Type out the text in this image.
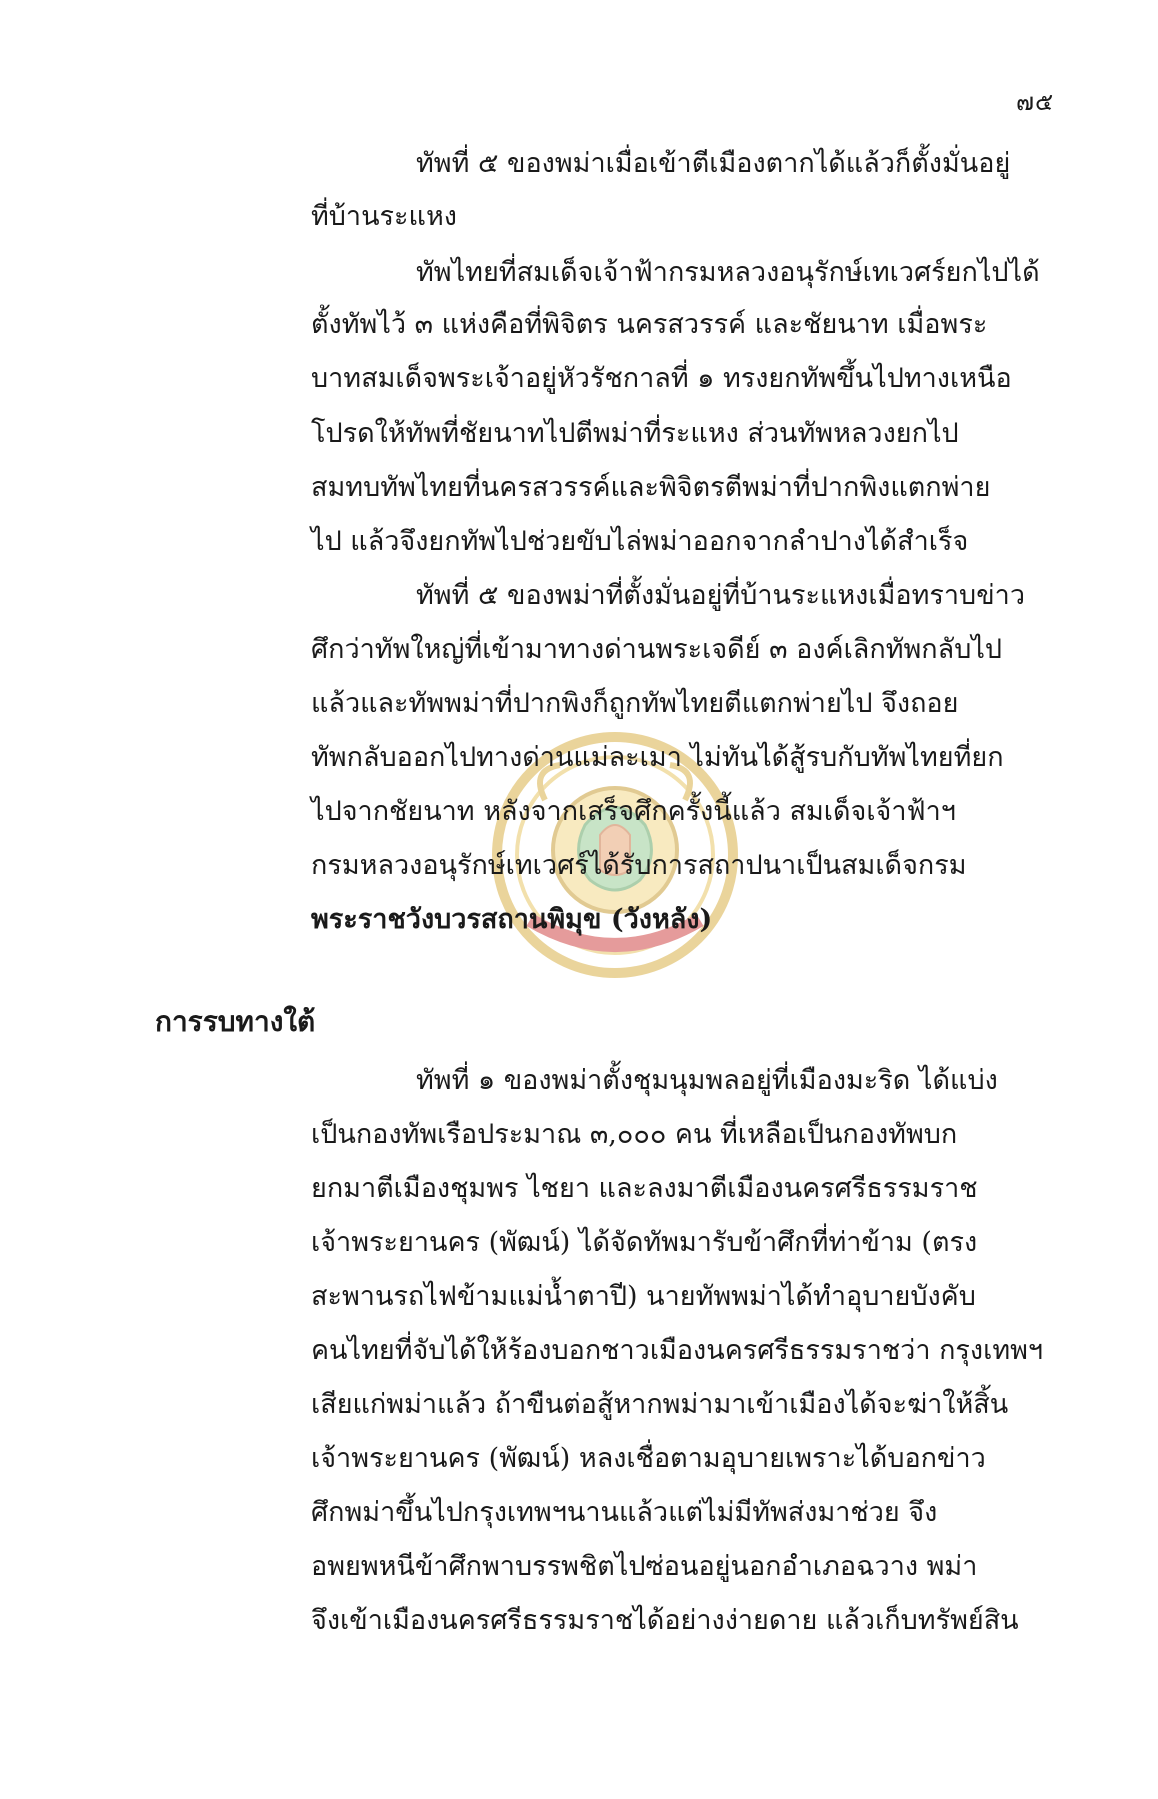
๗๕
ทัพที่ ๕ ของพม่าเมื่อเข้าตีเมืองตากได้แล้วก็ตั้งมั่นอยู่
ที่บ้านระแหง
ทัพไทยที่สมเด็จเจ้าฟ้ากรมหลวงอนุรักษ์เทเวศร์ยกไปได้
ตั้งทัพไว้ ๓ แห่งคือที่พิจิตร นครสวรรค์ และชัยนาท เมื่อพระ
บาทสมเด็จพระเจ้าอยู่หัวรัชกาลที่ ๑ ทรงยกทัพขึ้นไปทางเหนือ
โปรดให้ทัพที่ชัยนาทไปตีพม่าที่ระแหง ส่วนทัพหลวงยกไป
สมทบทัพไทยที่นครสวรรค์และพิจิตรตีพม่าที่ปากพิงแตกพ่าย
ไป แล้วจึงยกทัพไปช่วยขับไล่พม่าออกจากลำปางได้สำเร็จ
ทัพที่ ๕ ของพม่าที่ตั้งมั่นอยู่ที่บ้านระแหงเมื่อทราบข่าว
ศึกว่าทัพใหญ่ที่เข้ามาทางด่านพระเจดีย์ ๓ องค์เลิกทัพกลับไป
แล้วและทัพพม่าที่ปากพิงก็ถูกทัพไทยตีแตกพ่ายไป จึงถอย
ทัพกลับออกไปทางด่านแม่ละเมา ไม่ทันได้สู้รบกับทัพไทยที่ยก
ไปจากชัยนาท หลังจากเสร็จศึกครั้งนี้แล้ว สมเด็จเจ้าฟ้าฯ
กรมหลวงอนุรักษ์เทเวศร์ได้รับการสถาปนาเป็นสมเด็จกรม
พระราชวังบวรสถานพิมุข (วังหลัง)
การรบทางใต้
ทัพที่ ๑ ของพม่าตั้งชุมนุมพลอยู่ที่เมืองมะริด ได้แบ่ง
เป็นกองทัพเรือประมาณ ๓,๐๐๐ คน ที่เหลือเป็นกองทัพบก
ยกมาตีเมืองชุมพร ไชยา และลงมาตีเมืองนครศรีธรรมราช
เจ้าพระยานคร (พัฒน์) ได้จัดทัพมารับข้าศึกที่ท่าข้าม (ตรง
สะพานรถไฟข้ามแม่น้ำตาปี) นายทัพพม่าได้ทำอุบายบังคับ
คนไทยที่จับได้ให้ร้องบอกชาวเมืองนครศรีธรรมราชว่า กรุงเทพฯ
เสียแก่พม่าแล้ว ถ้าขืนต่อสู้หากพม่ามาเข้าเมืองได้จะฆ่าให้สิ้น
เจ้าพระยานคร (พัฒน์) หลงเชื่อตามอุบายเพราะได้บอกข่าว
ศึกพม่าขึ้นไปกรุงเทพฯนานแล้วแต่ไม่มีทัพส่งมาช่วย จึง
อพยพหนีข้าศึกพาบรรพชิตไปซ่อนอยู่นอกอำเภอฉวาง พม่า
จึงเข้าเมืองนครศรีธรรมราชได้อย่างง่ายดาย แล้วเก็บทรัพย์สิน
